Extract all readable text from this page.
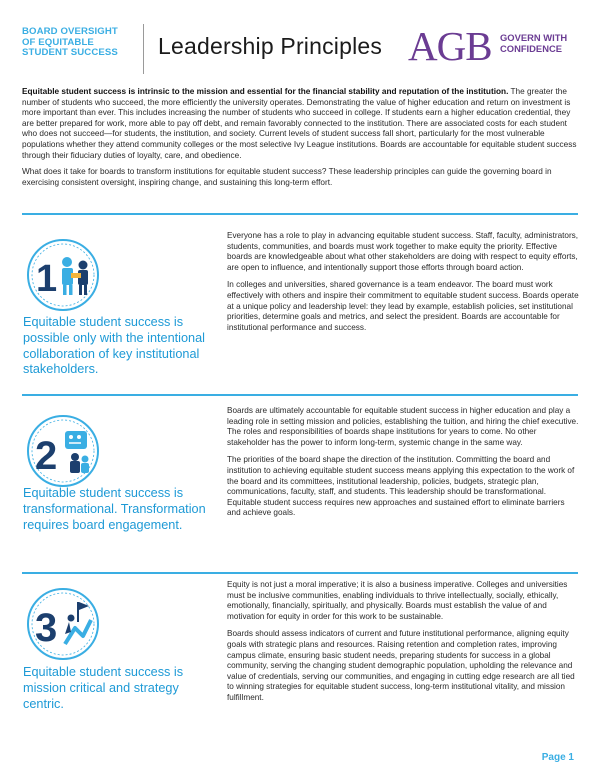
BOARD OVERSIGHT
OF EQUITABLE
STUDENT SUCCESS	Leadership Principles AGB GOVERN WITH
CONFIDENCE

Equitable student success is intrinsic to the mission and essential for the financial stability and reputation of the institution. The greater the number of students who succeed, the more efficiently the university operates. Demonstrating the value of higher education and return on investment is more important than ever. This includes increasing the number of students who succeed in college. If students earn a higher education credential, they are better prepared for work, more able to pay off debt, and remain favorably connected to the institution. There are associated costs for each student who does not succeed—for students, the institution, and society. Current levels of student success fall short, particularly for the most vulnerable populations whether they attend community colleges or the most selective Ivy League institutions. Boards are accountable for equitable student success through their fiduciary duties of loyalty, care, and obedience.

What does it take for boards to transform institutions for equitable student success? These leadership principles can guide the governing board in exercising consistent oversight, inspiring change, and sustaining this long-term effort.

1
Equitable student success is possible only with the intentional collaboration of key institutional stakeholders.

Everyone has a role to play in advancing equitable student success. Staff, faculty, administrators, students, communities, and boards must work together to make equity the priority. Effective boards are knowledgeable about what other stakeholders are doing with respect to equity efforts, are open to influence, and intentionally support those efforts through board action.

In colleges and universities, shared governance is a team endeavor. The board must work effectively with others and inspire their commitment to equitable student success. Boards operate at a unique policy and leadership level: they lead by example, establish policies, set institutional priorities, determine goals and metrics, and select the president. Boards are accountable for institutional performance and success.

2
Equitable student success is transformational. Transformation requires board engagement.

Boards are ultimately accountable for equitable student success in higher education and play a leading role in setting mission and policies, establishing the tuition, and hiring the chief executive. The roles and responsibilities of boards shape institutions for years to come. No other stakeholder has the power to inform long-term, systemic change in the same way.

The priorities of the board shape the direction of the institution. Committing the board and institution to achieving equitable student success means applying this expectation to the work of the board and its committees, institutional leadership, policies, budgets, strategic plan, communications, faculty, staff, and students. This leadership should be transformational. Equitable student success requires new approaches and sustained effort to eliminate barriers and achieve goals.

3
Equitable student success is mission critical and strategy centric.

Equity is not just a moral imperative; it is also a business imperative. Colleges and universities must be inclusive communities, enabling individuals to thrive intellectually, socially, ethically, emotionally, financially, spiritually, and physically. Boards must establish the value of and motivation for equity in order for this work to be sustainable.

Boards should assess indicators of current and future institutional performance, aligning equity goals with strategic plans and resources. Raising retention and completion rates, improving campus climate, ensuring basic student needs, preparing students for success in a global community, serving the changing student demographic population, upholding the relevance and value of credentials, serving our communities, and engaging in cutting edge research are all tied to winning strategies for equitable student success, long-term institutional vitality, and mission fulfillment.

Page 1
